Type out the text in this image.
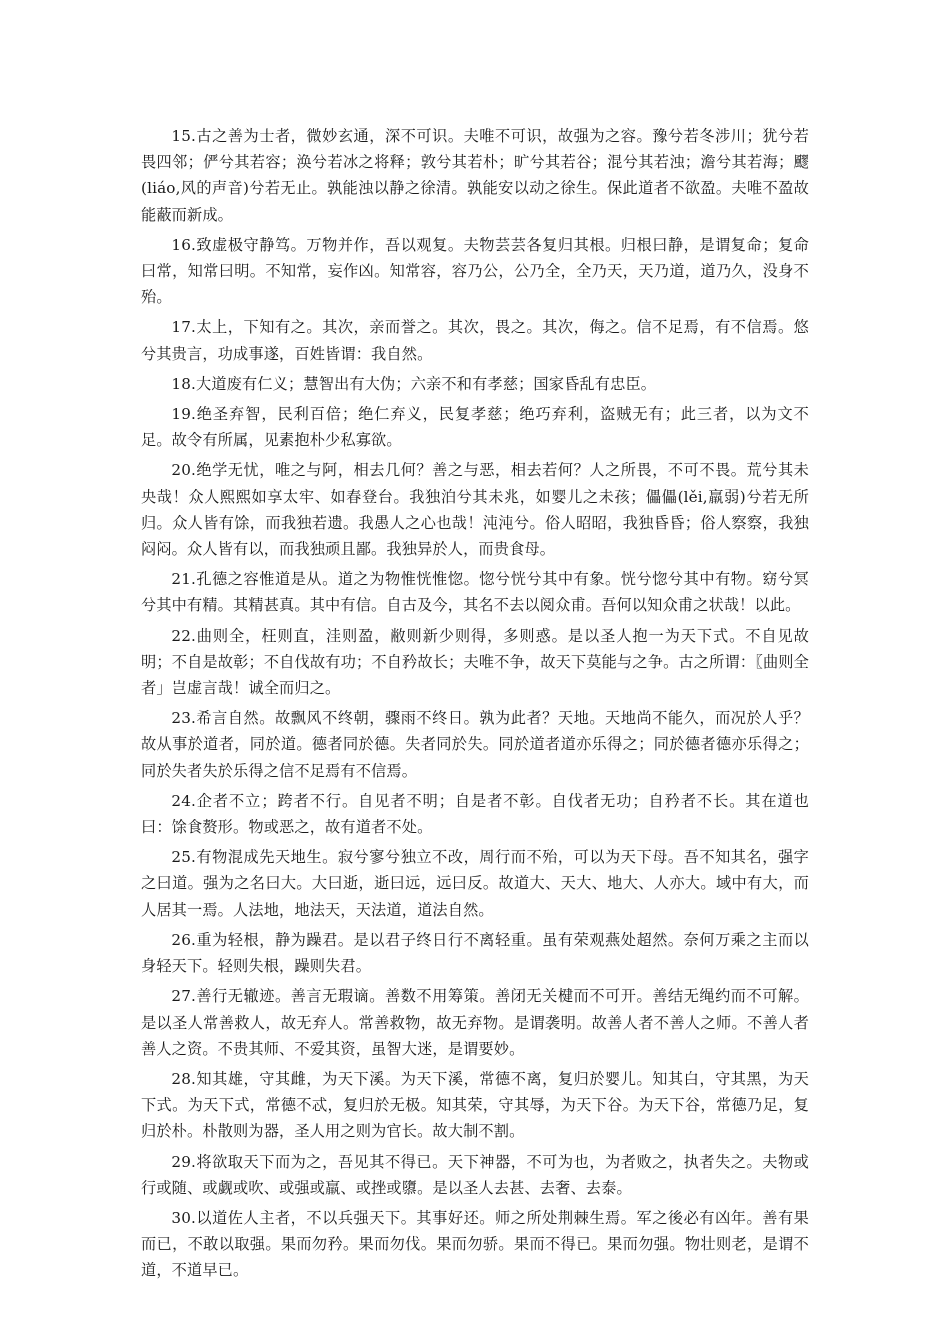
15.古之善为士者，微妙玄通，深不可识。夫唯不可识，故强为之容。豫兮若冬涉川；犹兮若畏四邻；俨兮其若容；涣兮若冰之将释；敦兮其若朴；旷兮其若谷；混兮其若浊；澹兮其若海；飂(liáo,风的声音)兮若无止。孰能浊以静之徐清。孰能安以动之徐生。保此道者不欲盈。夫唯不盈故能蔽而新成。

16.致虚极守静笃。万物并作，吾以观复。夫物芸芸各复归其根。归根曰静，是谓复命；复命曰常，知常曰明。不知常，妄作凶。知常容，容乃公，公乃全，全乃天，天乃道，道乃久，没身不殆。

17.太上，下知有之。其次，亲而誉之。其次，畏之。其次，侮之。信不足焉，有不信焉。悠兮其贵言，功成事遂，百姓皆谓：我自然。

18.大道废有仁义；慧智出有大伪；六亲不和有孝慈；国家昏乱有忠臣。

19.绝圣弃智，民利百倍；绝仁弃义，民复孝慈；绝巧弃利，盗贼无有；此三者，以为文不足。故令有所属，见素抱朴少私寡欲。

20.绝学无忧，唯之与阿，相去几何？善之与恶，相去若何？人之所畏，不可不畏。荒兮其未央哉！众人熙熙如享太牢、如春登台。我独泊兮其未兆，如婴儿之未孩；儡儡(lěi,羸弱)兮若无所归。众人皆有馀，而我独若遗。我愚人之心也哉！沌沌兮。俗人昭昭，我独昏昏；俗人察察，我独闷闷。众人皆有以，而我独顽且鄙。我独异於人，而贵食母。

21.孔德之容惟道是从。道之为物惟恍惟惚。惚兮恍兮其中有象。恍兮惚兮其中有物。窈兮冥兮其中有精。其精甚真。其中有信。自古及今，其名不去以阅众甫。吾何以知众甫之状哉！以此。

22.曲则全，枉则直，洼则盈，敝则新少则得，多则惑。是以圣人抱一为天下式。不自见故明；不自是故彰；不自伐故有功；不自矜故长；夫唯不争，故天下莫能与之争。古之所谓：〖曲则全者」岂虚言哉！诚全而归之。

23.希言自然。故飘风不终朝，骤雨不终日。孰为此者？天地。天地尚不能久，而况於人乎？故从事於道者，同於道。德者同於德。失者同於失。同於道者道亦乐得之；同於德者德亦乐得之；同於失者失於乐得之信不足焉有不信焉。

24.企者不立；跨者不行。自见者不明；自是者不彰。自伐者无功；自矜者不长。其在道也曰：馀食赘形。物或恶之，故有道者不处。

25.有物混成先天地生。寂兮寥兮独立不改，周行而不殆，可以为天下母。吾不知其名，强字之曰道。强为之名曰大。大曰逝，逝曰远，远曰反。故道大、天大、地大、人亦大。域中有大，而人居其一焉。人法地，地法天，天法道，道法自然。

26.重为轻根，静为躁君。是以君子终日行不离轻重。虽有荣观燕处超然。奈何万乘之主而以身轻天下。轻则失根，躁则失君。

27.善行无辙迹。善言无瑕谪。善数不用筹策。善闭无关楗而不可开。善结无绳约而不可解。是以圣人常善救人，故无弃人。常善救物，故无弃物。是谓袭明。故善人者不善人之师。不善人者善人之资。不贵其师、不爱其资，虽智大迷，是谓要妙。

28.知其雄，守其雌，为天下溪。为天下溪，常德不离，复归於婴儿。知其白，守其黑，为天下式。为天下式，常德不忒，复归於无极。知其荣，守其辱，为天下谷。为天下谷，常德乃足，复归於朴。朴散则为器，圣人用之则为官长。故大制不割。

29.将欲取天下而为之，吾见其不得已。天下神器，不可为也，为者败之，执者失之。夫物或行或随、或觑或吹、或强或羸、或挫或隳。是以圣人去甚、去奢、去泰。

30.以道佐人主者，不以兵强天下。其事好还。师之所处荆棘生焉。军之後必有凶年。善有果而已，不敢以取强。果而勿矜。果而勿伐。果而勿骄。果而不得已。果而勿强。物壮则老，是谓不道，不道早已。
